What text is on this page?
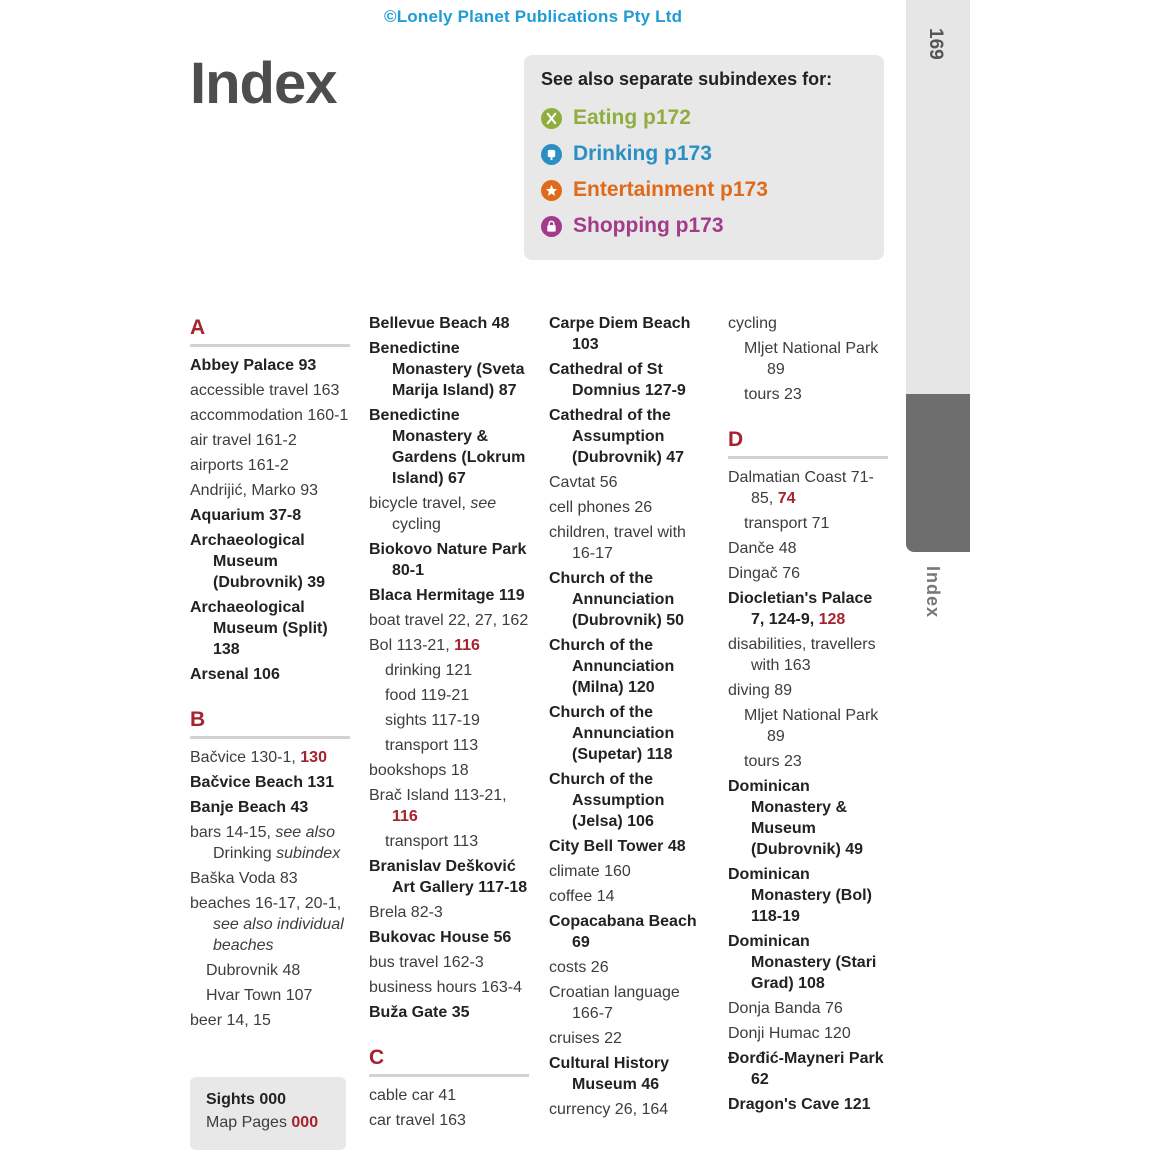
©Lonely Planet Publications Pty Ltd
Index	See also separate subindexes for:
Eating p172
Drinking p173
Entertainment p173
Shopping p173
169
Index
A
Abbey Palace 93
accessible travel 163
accommodation 160-1
air travel 161-2
airports 161-2
Andrijić, Marko 93
Aquarium 37-8
Archaeological Museum (Dubrovnik) 39
Archaeological Museum (Split) 138
Arsenal 106
B
Bačvice 130-1, 130
Bačvice Beach 131
Banje Beach 43
bars 14-15, see also Drinking subindex
Baška Voda 83
beaches 16-17, 20-1, see also individual beaches
Dubrovnik 48
Hvar Town 107
beer 14, 15
Bellevue Beach 48
Benedictine Monastery (Sveta Marija Island) 87
Benedictine Monastery & Gardens (Lokrum Island) 67
bicycle travel, see cycling
Biokovo Nature Park 80-1
Blaca Hermitage 119
boat travel 22, 27, 162
Bol 113-21, 116
drinking 121
food 119-21
sights 117-19
transport 113
bookshops 18
Brač Island 113-21, 116
transport 113
Branislav Dešković Art Gallery 117-18
Brela 82-3
Bukovac House 56
bus travel 162-3
business hours 163-4
Buža Gate 35
C
cable car 41
car travel 163
Carpe Diem Beach 103
Cathedral of St Domnius 127-9
Cathedral of the Assumption (Dubrovnik) 47
Cavtat 56
cell phones 26
children, travel with 16-17
Church of the Annunciation (Dubrovnik) 50
Church of the Annunciation (Milna) 120
Church of the Annunciation (Supetar) 118
Church of the Assumption (Jelsa) 106
City Bell Tower 48
climate 160
coffee 14
Copacabana Beach 69
costs 26
Croatian language 166-7
cruises 22
Cultural History Museum 46
currency 26, 164
cycling
Mljet National Park 89
tours 23
D
Dalmatian Coast 71-85, 74
transport 71
Danče 48
Dingač 76
Diocletian's Palace 7, 124-9, 128
disabilities, travellers with 163
diving 89
Mljet National Park 89
tours 23
Dominican Monastery & Museum (Dubrovnik) 49
Dominican Monastery (Bol) 118-19
Dominican Monastery (Stari Grad) 108
Donja Banda 76
Donji Humac 120
Đorđić-Mayneri Park 62
Dragon's Cave 121
Sights 000
Map Pages 000
